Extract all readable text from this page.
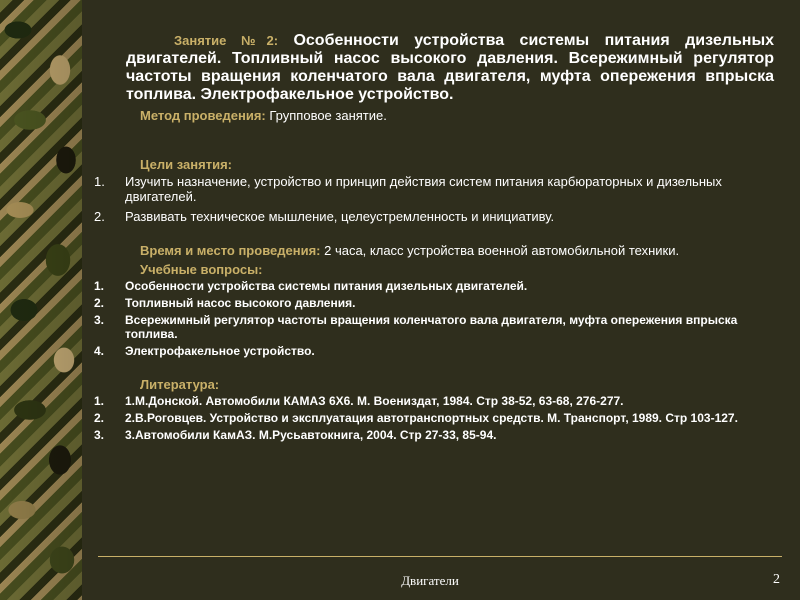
Занятие №2: Особенности устройства системы питания дизельных двигателей. Топливный насос высокого давления. Всережимный регулятор частоты вращения коленчатого вала двигателя, муфта опережения впрыска топлива. Электрофакельное устройство.
Метод проведения: Групповое занятие.
Цели занятия:
1. Изучить назначение, устройство и принцип действия систем питания карбюраторных и дизельных двигателей.
2. Развивать техническое мышление, целеустремленность и инициативу.
Время и место проведения: 2 часа, класс устройства военной автомобильной техники.
Учебные вопросы:
1. Особенности устройства системы питания дизельных двигателей.
2. Топливный насос высокого давления.
3. Всережимный регулятор частоты вращения коленчатого вала двигателя, муфта опережения впрыска топлива.
4. Электрофакельное устройство.
Литература:
1. 1.М.Донской. Автомобили КАМАЗ 6Х6. М. Воениздат, 1984. Стр 38-52, 63-68, 276-277.
2. 2.В.Роговцев. Устройство и эксплуатация автотранспортных средств. М. Транспорт, 1989. Стр 103-127.
3. 3.Автомобили КамАЗ. М.Русьавтокнига, 2004. Стр 27-33, 85-94.
Двигатели	2
